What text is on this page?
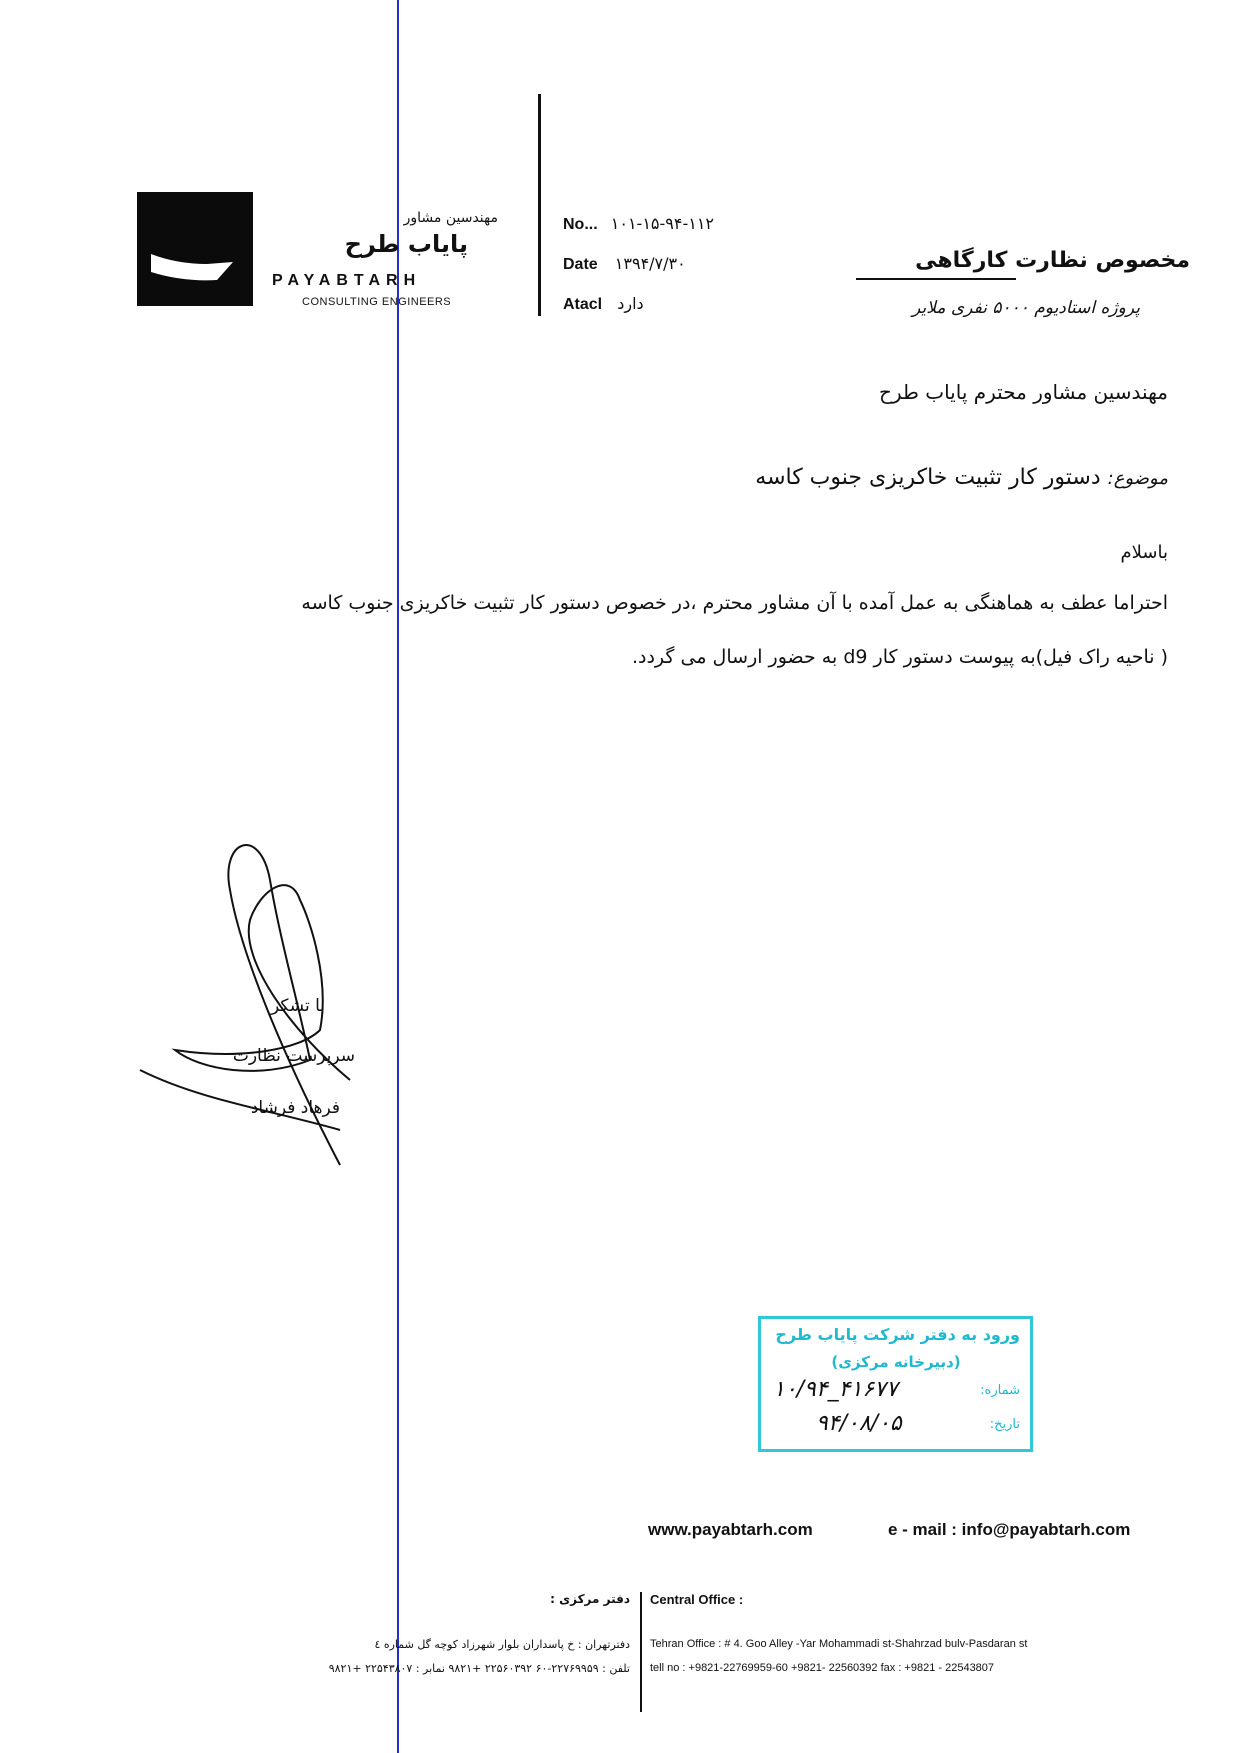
مهندسین مشاور
پایاب طرح
PAYABTARH
CONSULTING ENGINEERS
No... ۱۰۱-۱۵-۹۴-۱۱۲
Date ۱۳۹۴/۷/۳۰
Atacl دارد
مخصوص نظارت کارگاهی
پروژه استادیوم ۵۰۰۰ نفری ملایر
مهندسین مشاور محترم پایاب طرح
موضوع: دستور کار تثبیت خاکریزی جنوب کاسه
باسلام
احتراما عطف به هماهنگی به عمل آمده با آن مشاور محترم ،در خصوص دستور کار تثبیت خاکریزی جنوب کاسه
( ناحیه راک فیل)به پیوست دستور کار d9 به حضور ارسال می گردد.
با تشکر
سرپرست نظارت
فرهاد فرشاد
ورود به دفتر شرکت پایاب طرح
(دبیرخانه مرکزی)
شماره:
۱۰/۹۴_۴۱۶۷۷
تاریخ:
۹۴/۰۸/۰۵
www.payabtarh.com	e - mail : info@payabtarh.com
دفتر مرکزی : Central Office :
دفترتهران : خ پاسداران بلوار شهرزاد کوچه گل شماره ٤
تلفن : ۲۲۷۶۹۹۵۹-۶۰ ۲۲۵۶۰۳۹۲ +۹۸۲۱ نمابر : ۲۲۵۴۳۸۰۷ +۹۸۲۱
Tehran Office : # 4. Goo Alley -Yar Mohammadi st-Shahrzad bulv-Pasdaran st
tell no : +9821-22769959-60 +9821- 22560392 fax : +9821 - 22543807
